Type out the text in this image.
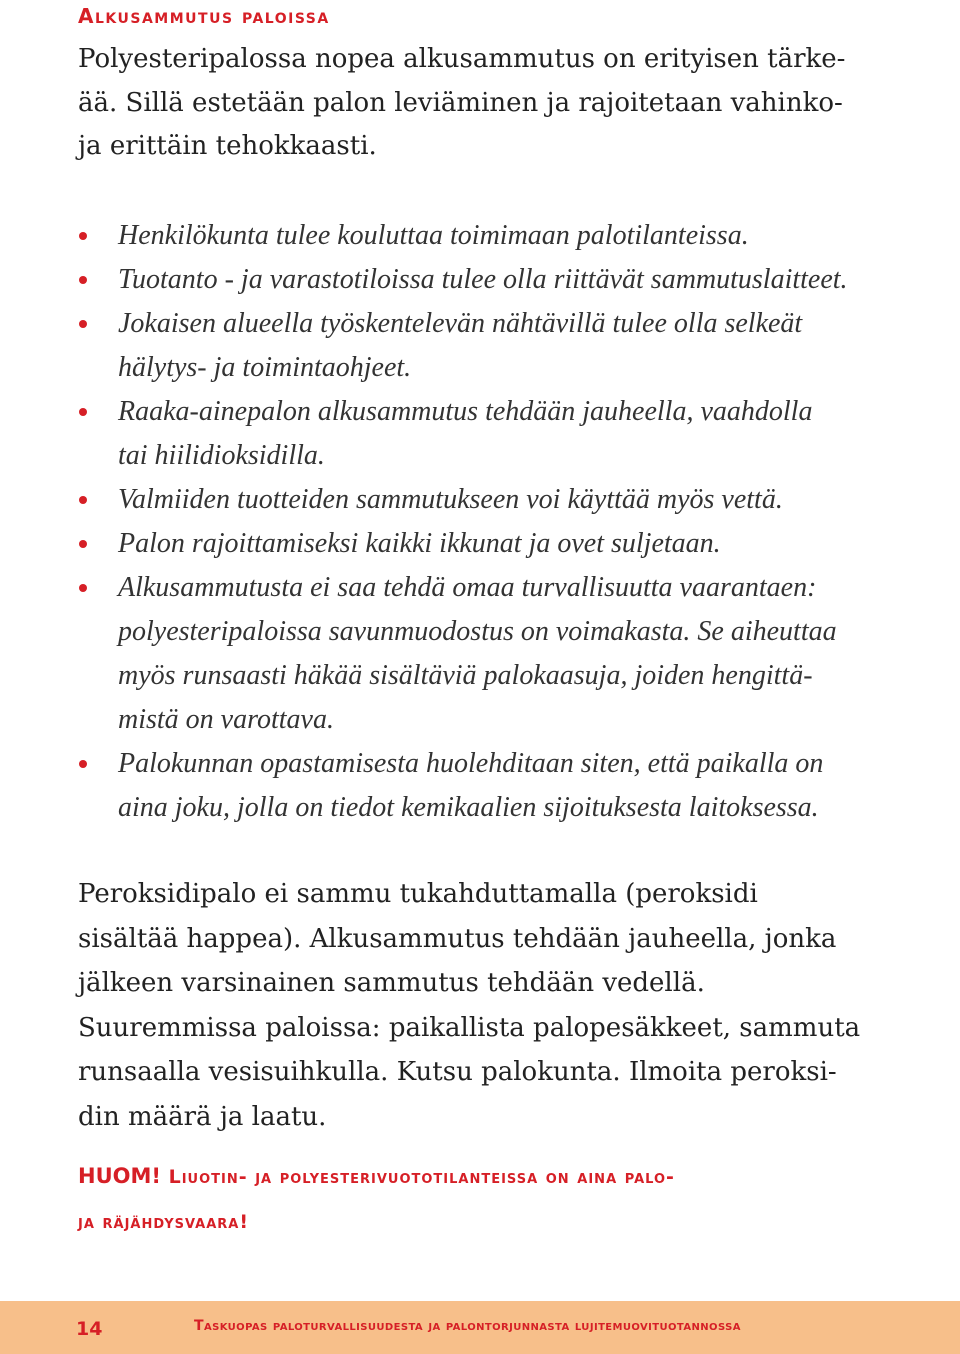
Alkusammutus paloissa
Polyesteripalossa nopea alkusammutus on erityisen tärke-
ää. Sillä estetään palon leviäminen ja rajoitetaan vahinko-
ja erittäin tehokkaasti.
Henkilökunta tulee kouluttaa toimimaan palotilanteissa.
Tuotanto - ja varastotiloissa tulee olla riittävät sammutuslaitteet.
Jokaisen alueella työskentelevän nähtävillä tulee olla selkeät
hälytys- ja toimintaohjeet.
Raaka-ainepalon alkusammutus tehdään jauheella, vaahdolla
tai hiilidioksidilla.
Valmiiden tuotteiden sammutukseen voi käyttää myös vettä.
Palon rajoittamiseksi kaikki ikkunat ja ovet suljetaan.
Alkusammutusta ei saa tehdä omaa turvallisuutta vaarantaen:
polyesteripaloissa savunmuodostus on voimakasta. Se aiheuttaa
myös runsaasti häkää sisältäviä palokaasuja, joiden hengittä-
mistä on varottava.
Palokunnan opastamisesta huolehditaan siten, että paikalla on
aina joku, jolla on tiedot kemikaalien sijoituksesta laitoksessa.
Peroksidipalo ei sammu tukahduttamalla (peroksidi
sisältää happea). Alkusammutus tehdään jauheella, jonka
jälkeen varsinainen sammutus tehdään vedellä.
Suuremmissa paloissa: paikallista palopesäkkeet, sammuta
runsaalla vesisuihkulla. Kutsu palokunta. Ilmoita peroksi-
din määrä ja laatu.
HUOM! Liuotin- ja polyesterivuototilanteissa on aina palo-
ja räjähdysvaara!
14	Taskuopas paloturvallisuudesta ja palontorjunnasta lujitemuovituotannossa
